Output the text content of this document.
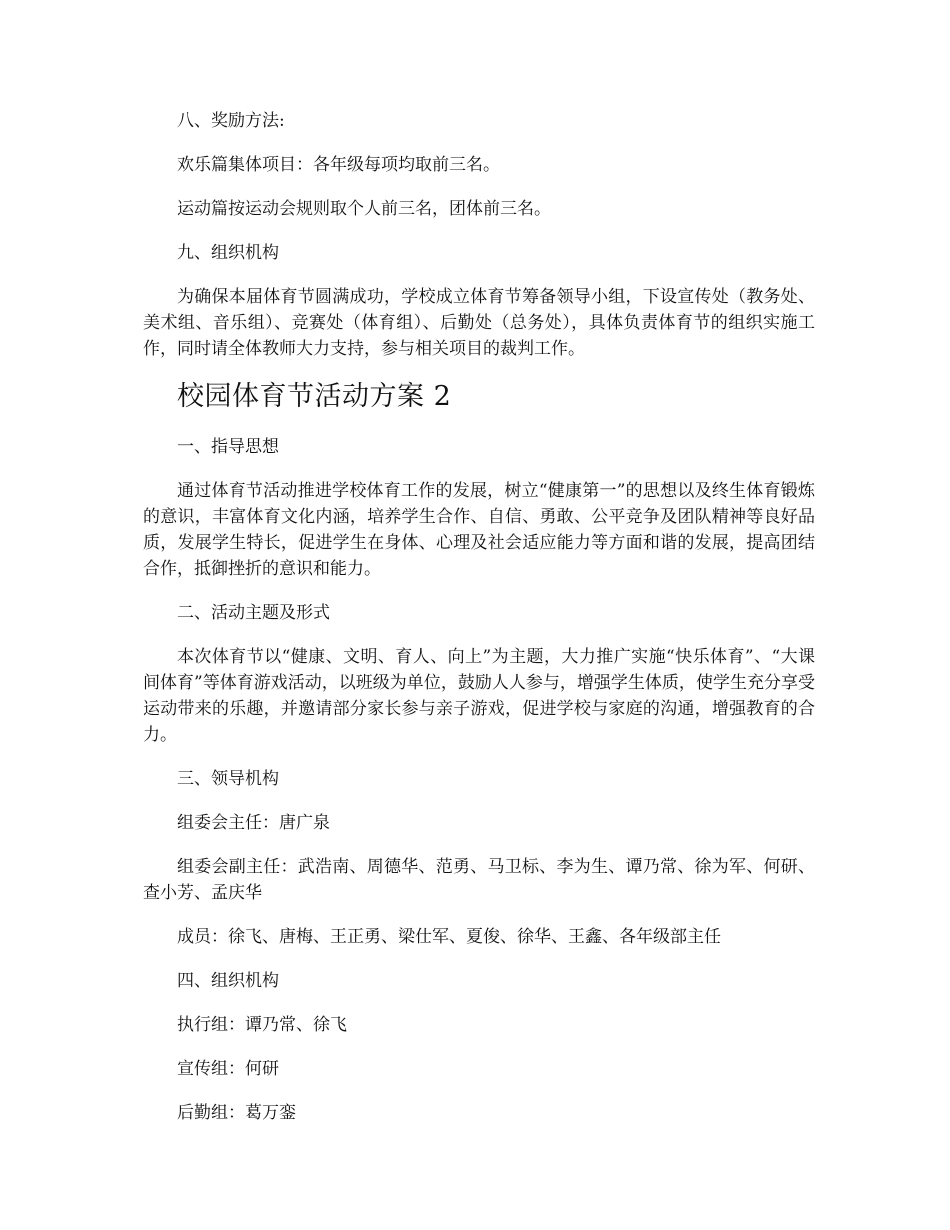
八、奖励方法:

欢乐篇集体项目：各年级每项均取前三名。

运动篇按运动会规则取个人前三名，团体前三名。

九、组织机构

为确保本届体育节圆满成功，学校成立体育节筹备领导小组，下设宣传处（教务处、美术组、音乐组）、竞赛处（体育组）、后勤处（总务处），具体负责体育节的组织实施工作，同时请全体教师大力支持，参与相关项目的裁判工作。

校园体育节活动方案 2

一、指导思想

通过体育节活动推进学校体育工作的发展，树立“健康第一”的思想以及终生体育锻炼的意识，丰富体育文化内涵，培养学生合作、自信、勇敢、公平竞争及团队精神等良好品质，发展学生特长，促进学生在身体、心理及社会适应能力等方面和谐的发展，提高团结合作，抵御挫折的意识和能力。

二、活动主题及形式

本次体育节以“健康、文明、育人、向上”为主题，大力推广实施“快乐体育”、“大课间体育”等体育游戏活动，以班级为单位，鼓励人人参与，增强学生体质，使学生充分享受运动带来的乐趣，并邀请部分家长参与亲子游戏，促进学校与家庭的沟通，增强教育的合力。

三、领导机构

组委会主任：唐广泉

组委会副主任：武浩南、周德华、范勇、马卫标、李为生、谭乃常、徐为军、何研、查小芳、孟庆华

成员：徐飞、唐梅、王正勇、梁仕军、夏俊、徐华、王鑫、各年级部主任

四、组织机构

执行组：谭乃常、徐飞

宣传组：何研

后勤组：葛万銮
